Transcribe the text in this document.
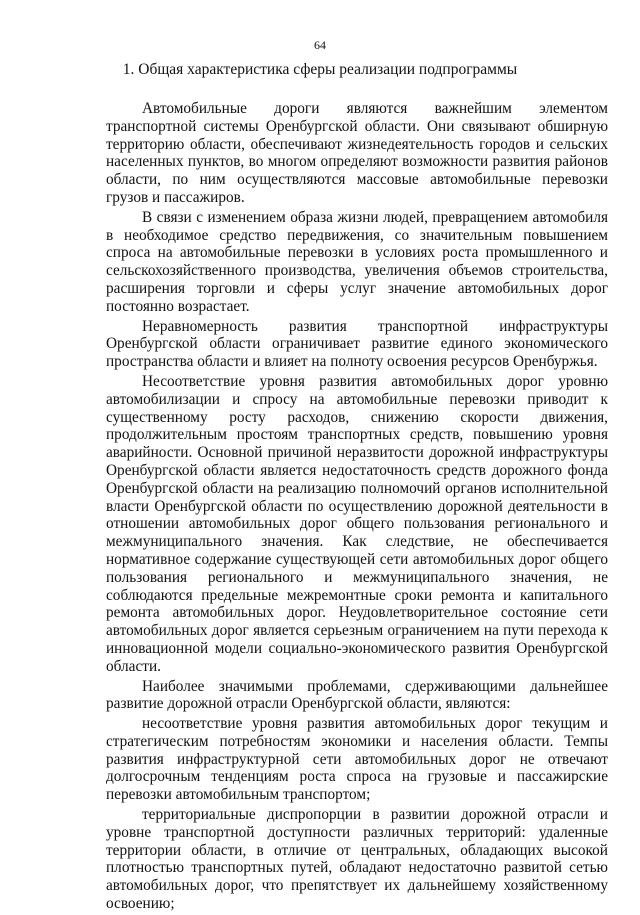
64
1. Общая характеристика сферы реализации подпрограммы

Автомобильные дороги являются важнейшим элементом транспортной системы Оренбургской области. Они связывают обширную территорию области, обеспечивают жизнедеятельность городов и сельских населенных пунктов, во многом определяют возможности развития районов области, по ним осуществляются массовые автомобильные перевозки грузов и пассажиров.

В связи с изменением образа жизни людей, превращением автомобиля в необходимое средство передвижения, со значительным повышением спроса на автомобильные перевозки в условиях роста промышленного и сельскохозяйственного производства, увеличения объемов строительства, расширения торговли и сферы услуг значение автомобильных дорог постоянно возрастает.

Неравномерность развития транспортной инфраструктуры Оренбургской области ограничивает развитие единого экономического пространства области и влияет на полноту освоения ресурсов Оренбуржья.

Несоответствие уровня развития автомобильных дорог уровню автомобилизации и спросу на автомобильные перевозки приводит к существенному росту расходов, снижению скорости движения, продолжительным простоям транспортных средств, повышению уровня аварийности. Основной причиной неразвитости дорожной инфраструктуры Оренбургской области является недостаточность средств дорожного фонда Оренбургской области на реализацию полномочий органов исполнительной власти Оренбургской области по осуществлению дорожной деятельности в отношении автомобильных дорог общего пользования регионального и межмуниципального значения. Как следствие, не обеспечивается нормативное содержание существующей сети автомобильных дорог общего пользования регионального и межмуниципального значения, не соблюдаются предельные межремонтные сроки ремонта и капитального ремонта автомобильных дорог. Неудовлетворительное состояние сети автомобильных дорог является серьезным ограничением на пути перехода к инновационной модели социально-экономического развития Оренбургской области.

Наиболее значимыми проблемами, сдерживающими дальнейшее развитие дорожной отрасли Оренбургской области, являются:

несоответствие уровня развития автомобильных дорог текущим и стратегическим потребностям экономики и населения области. Темпы развития инфраструктурной сети автомобильных дорог не отвечают долгосрочным тенденциям роста спроса на грузовые и пассажирские перевозки автомобильным транспортом;

территориальные диспропорции в развитии дорожной отрасли и уровне транспортной доступности различных территорий: удаленные территории области, в отличие от центральных, обладающих высокой плотностью транспортных путей, обладают недостаточно развитой сетью автомобильных дорог, что препятствует их дальнейшему хозяйственному освоению;
